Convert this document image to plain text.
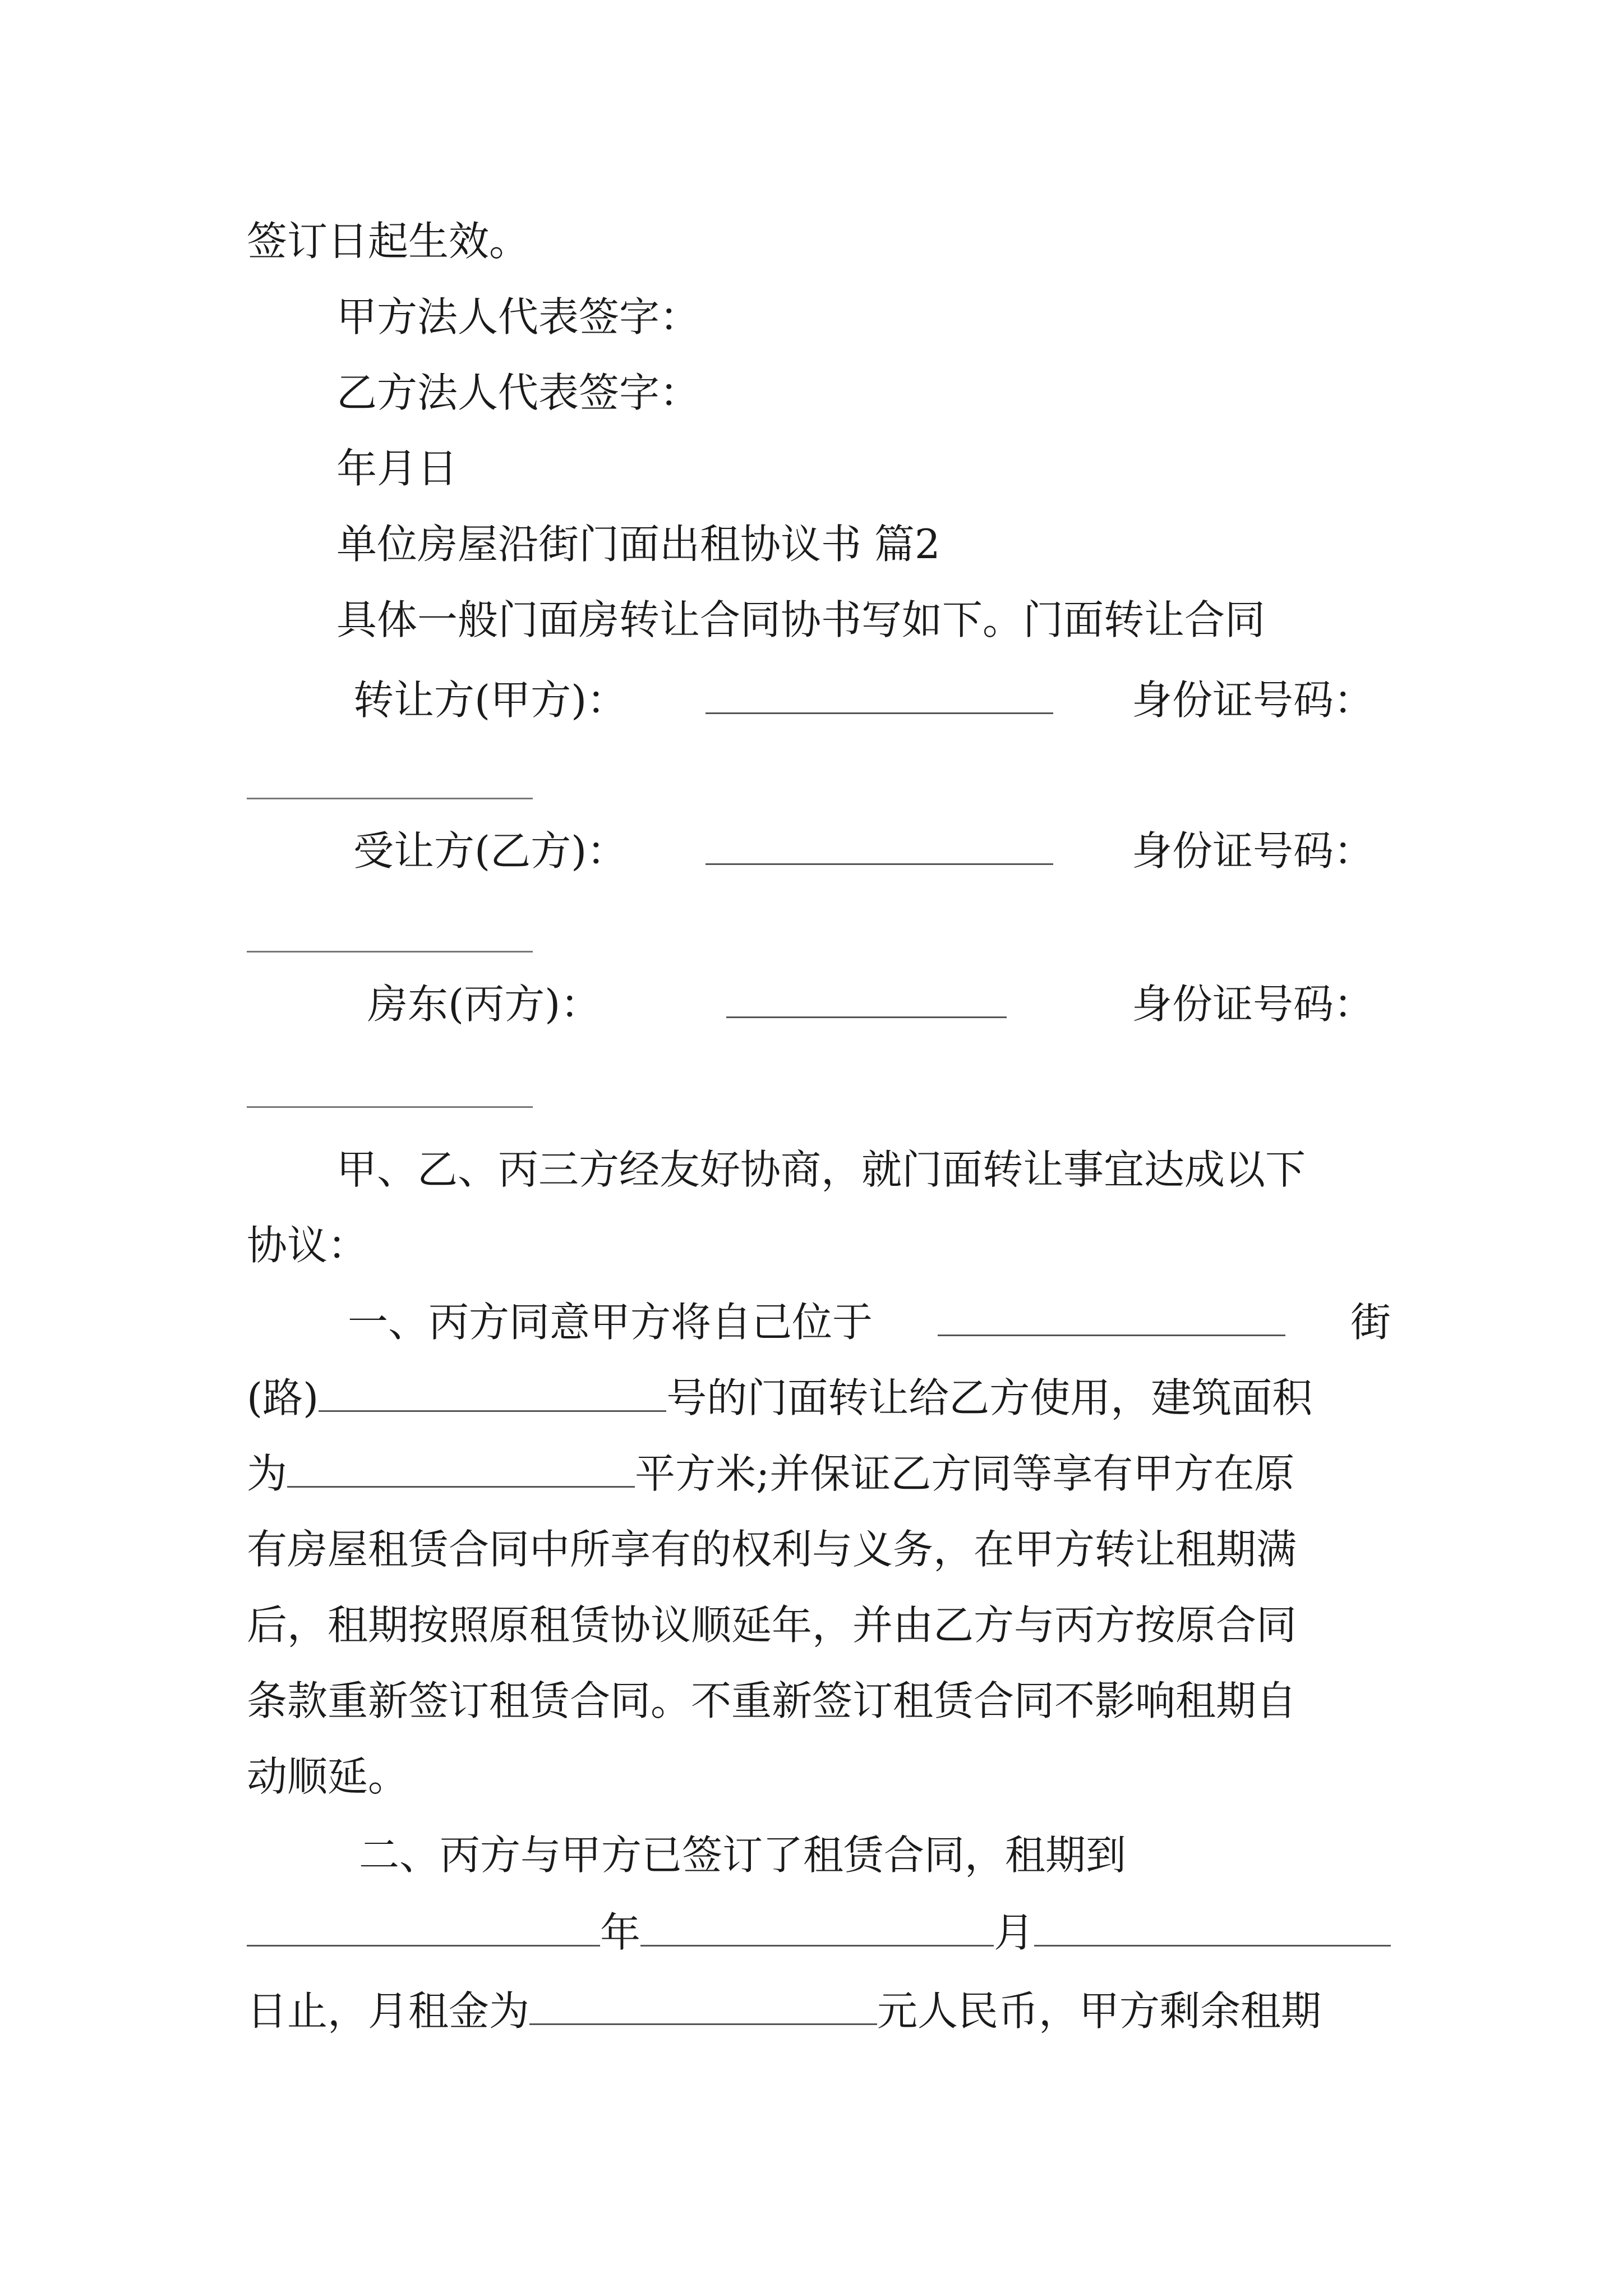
签订日起生效。
甲方法人代表签字：
乙方法人代表签字：
年月日
单位房屋沿街门面出租协议书 篇2
具体一般门面房转让合同协书写如下。门面转让合同
转让方(甲方)：	身份证号码：
受让方(乙方)：	身份证号码：
房东(丙方)：	身份证号码：
甲、乙、丙三方经友好协商，就门面转让事宜达成以下
协议：
一、丙方同意甲方将自己位于	街
(路)	号的门面转让给乙方使用，建筑面积
为	平方米;并保证乙方同等享有甲方在原
有房屋租赁合同中所享有的权利与义务，在甲方转让租期满
后，租期按照原租赁协议顺延年，并由乙方与丙方按原合同
条款重新签订租赁合同。不重新签订租赁合同不影响租期自
动顺延。
二、丙方与甲方已签订了租赁合同，租期到
年	月
日止，月租金为	元人民币，甲方剩余租期
